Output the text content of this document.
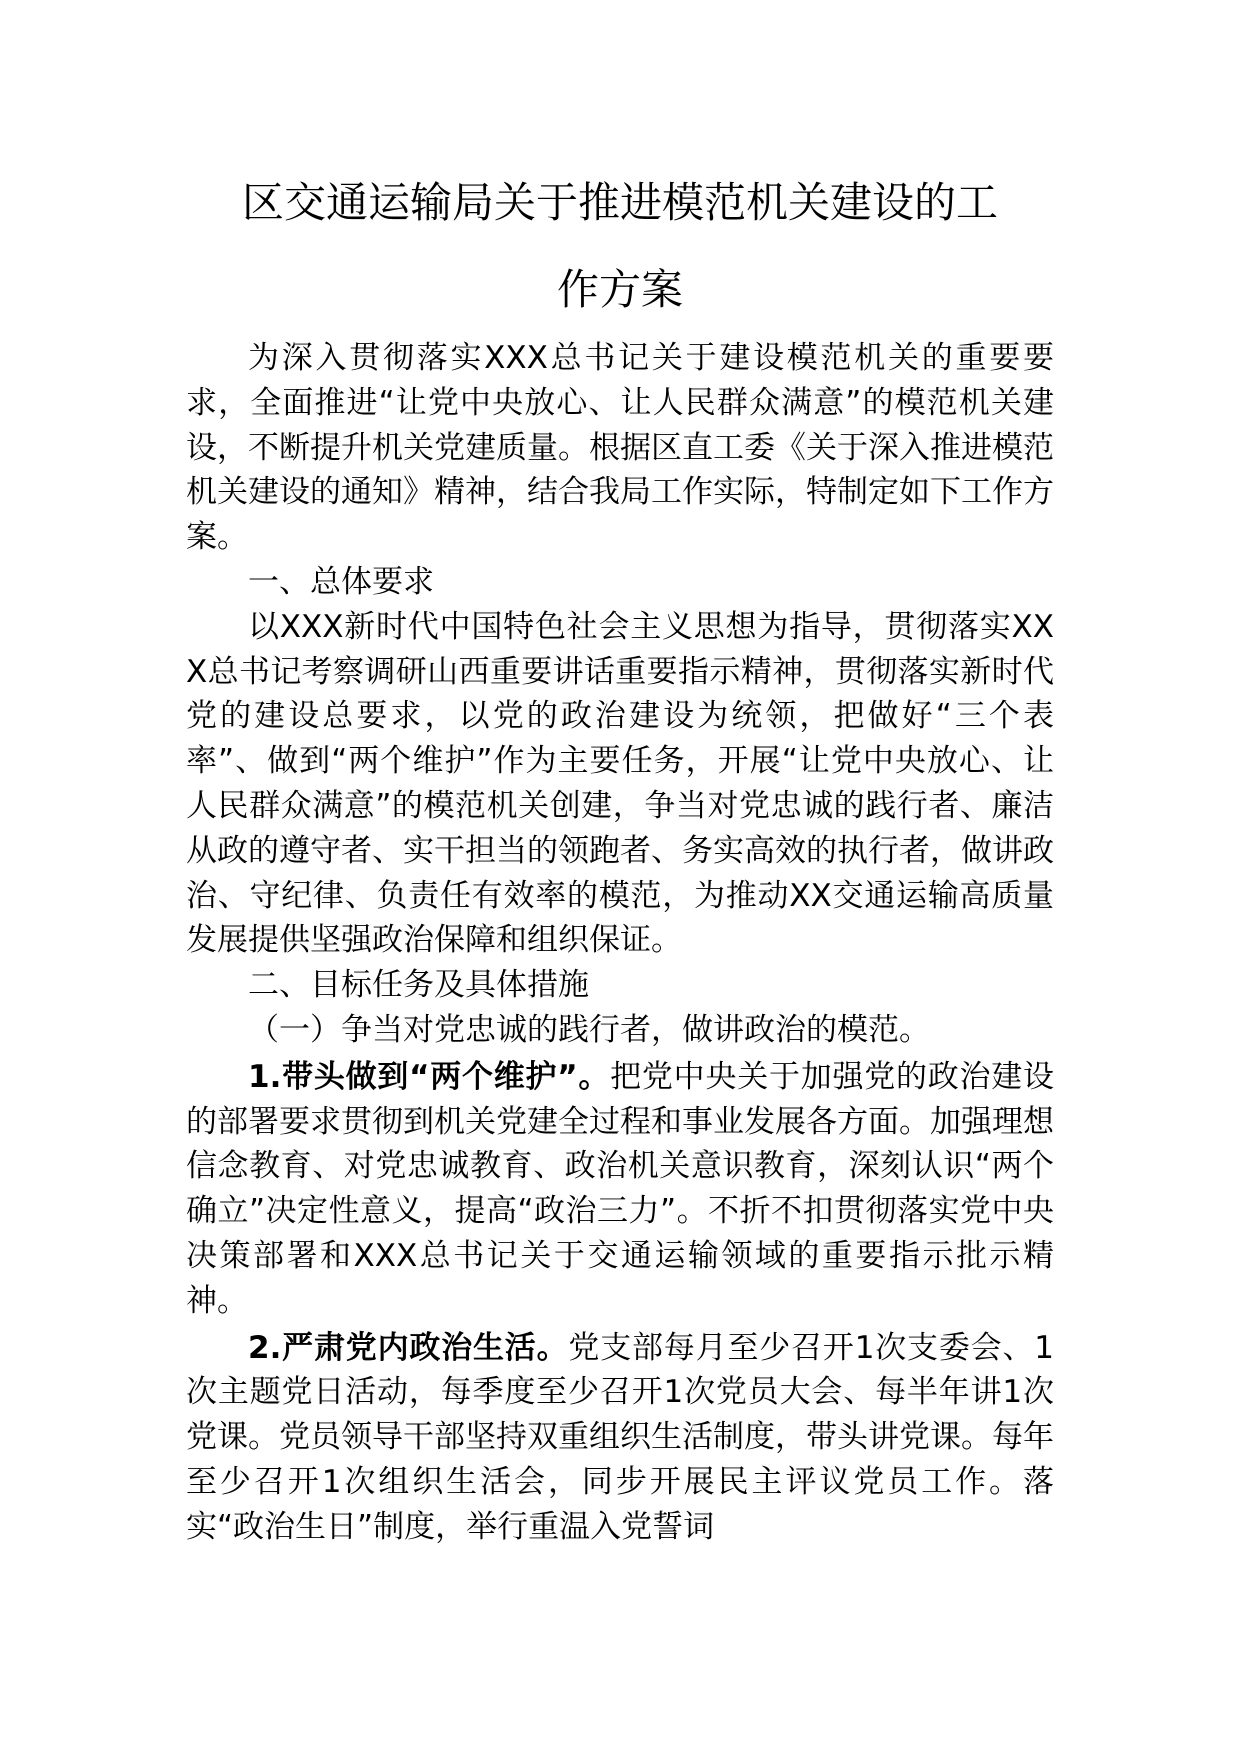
区交通运输局关于推进模范机关建设的工
作方案

为深入贯彻落实XXX总书记关于建设模范机关的重要要求，全面推进“让党中央放心、让人民群众满意”的模范机关建设，不断提升机关党建质量。根据区直工委《关于深入推进模范机关建设的通知》精神，结合我局工作实际，特制定如下工作方案。

一、总体要求

以XXX新时代中国特色社会主义思想为指导，贯彻落实XXX总书记考察调研山西重要讲话重要指示精神，贯彻落实新时代党的建设总要求，以党的政治建设为统领，把做好“三个表率”、做到“两个维护”作为主要任务，开展“让党中央放心、让人民群众满意”的模范机关创建，争当对党忠诚的践行者、廉洁从政的遵守者、实干担当的领跑者、务实高效的执行者，做讲政治、守纪律、负责任有效率的模范，为推动XX交通运输高质量发展提供坚强政治保障和组织保证。

二、目标任务及具体措施

（一）争当对党忠诚的践行者，做讲政治的模范。

1.带头做到“两个维护”。把党中央关于加强党的政治建设的部署要求贯彻到机关党建全过程和事业发展各方面。加强理想信念教育、对党忠诚教育、政治机关意识教育，深刻认识“两个确立”决定性意义，提高“政治三力”。不折不扣贯彻落实党中央决策部署和XXX总书记关于交通运输领域的重要指示批示精神。

2.严肃党内政治生活。党支部每月至少召开1次支委会、1次主题党日活动，每季度至少召开1次党员大会、每半年讲1次党课。党员领导干部坚持双重组织生活制度，带头讲党课。每年至少召开1次组织生活会，同步开展民主评议党员工作。落实“政治生日”制度，举行重温入党誓词
